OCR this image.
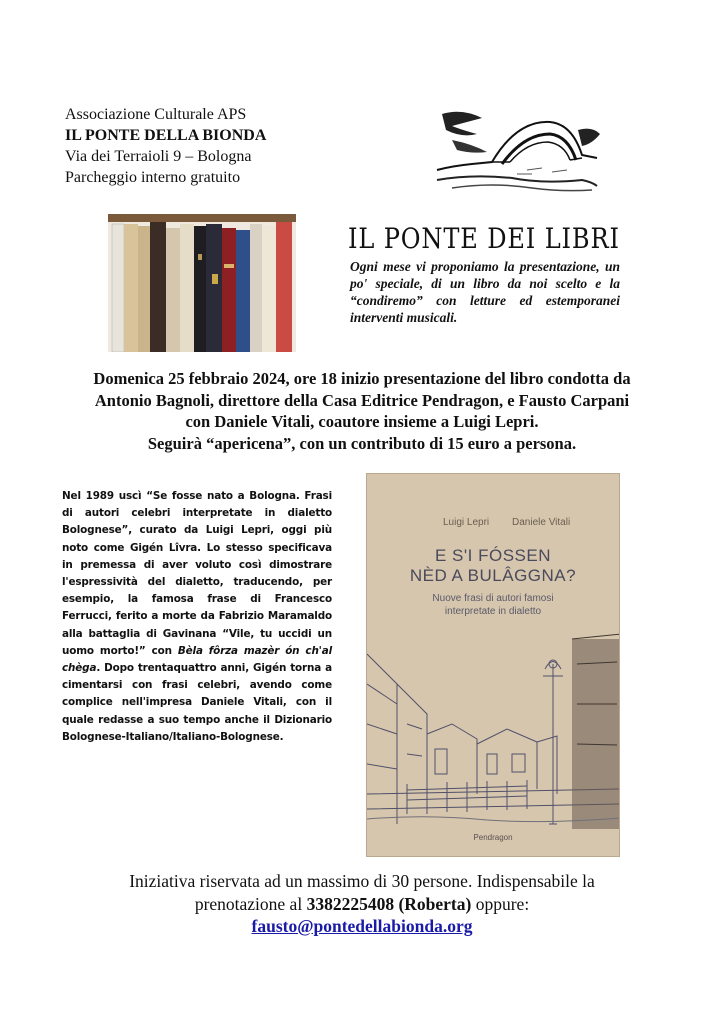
Associazione Culturale APS
IL PONTE DELLA BIONDA
Via dei Terraioli 9 – Bologna
Parcheggio interno gratuito
IL PONTE DEI LIBRI
Ogni mese vi proponiamo la presentazione, un po' speciale, di un libro da noi scelto e la “condiremo” con letture ed estemporanei interventi musicali.
Domenica 25 febbraio 2024, ore 18 inizio presentazione del libro condotta da
Antonio Bagnoli, direttore della Casa Editrice Pendragon, e Fausto Carpani
con Daniele Vitali, coautore insieme a Luigi Lepri.
Seguirà “apericena”, con un contributo di 15 euro a persona.
Nel 1989 uscì “Se fosse nato a Bologna. Frasi di autori celebri interpretate in dialetto Bolognese”, curato da Luigi Lepri, oggi più noto come Gigén Lîvra. Lo stesso specificava in premessa di aver voluto così dimostrare l'espressività del dialetto, traducendo, per esempio, la famosa frase di Francesco Ferrucci, ferito a morte da Fabrizio Maramaldo alla battaglia di Gavinana “Vile, tu uccidi un uomo morto!” con Bèla fôrza mazèr ón ch'al chèga. Dopo trentaquattro anni, Gigén torna a cimentarsi con frasi celebri, avendo come complice nell'impresa Daniele Vitali, con il quale redasse a suo tempo anche il Dizionario Bolognese-Italiano/Italiano-Bolognese.
Luigi Lepri Daniele Vitali
E S'I FÓSSEN
NÈD A BULÂGGNA?
Nuove frasi di autori famosi
interpretate in dialetto
Pendragon
Iniziativa riservata ad un massimo di 30 persone. Indispensabile la
prenotazione al 3382225408 (Roberta) oppure:
fausto@pontedellabionda.org
